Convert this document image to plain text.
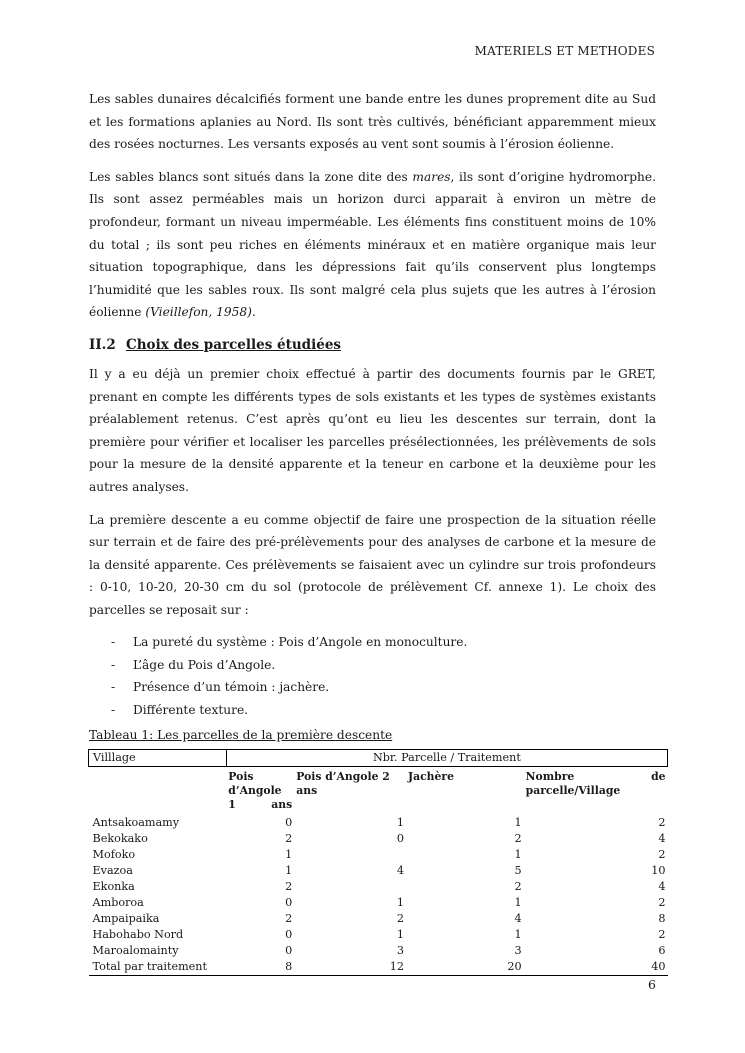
MATERIELS ET METHODES

Les sables dunaires décalcifiés forment une bande entre les dunes proprement dite au Sud et les formations aplanies au Nord. Ils sont très cultivés, bénéficiant apparemment mieux des rosées nocturnes. Les versants exposés au vent sont soumis à l’érosion éolienne.

Les sables blancs sont situés dans la zone dite des mares, ils sont d’origine hydromorphe. Ils sont assez perméables mais un horizon durci apparait à environ un mètre de profondeur, formant un niveau imperméable. Les éléments fins constituent moins de 10% du total ; ils sont peu riches en éléments minéraux et en matière organique mais leur situation topographique, dans les dépressions fait qu’ils conservent plus longtemps l’humidité que les sables roux. Ils sont malgré cela plus sujets que les autres à l’érosion éolienne (Vieillefon, 1958).

II.2 Choix des parcelles étudiées

Il y a eu déjà un premier choix effectué à partir des documents fournis par le GRET, prenant en compte les différents types de sols existants et les types de systèmes existants préalablement retenus. C’est après qu’ont eu lieu les descentes sur terrain, dont la première pour vérifier et localiser les parcelles présélectionnées, les prélèvements de sols pour la mesure de la densité apparente et la teneur en carbone et la deuxième pour les autres analyses.

La première descente a eu comme objectif de faire une prospection de la situation réelle sur terrain et de faire des pré-prélèvements pour des analyses de carbone et la mesure de la densité apparente. Ces prélèvements se faisaient avec un cylindre sur trois profondeurs : 0-10, 10-20, 20-30 cm du sol (protocole de prélèvement Cf. annexe 1). Le choix des parcelles se reposait sur :

-	La pureté du système : Pois d’Angole en monoculture.
-	L’âge du Pois d’Angole.
-	Présence d’un témoin : jachère.
-	Différente texture.
Tableau 1: Les parcelles de la première descente
Villlage	Nbr. Parcelle / Traitement			
	Pois d’Angole 1 ans	Pois d’Angole 2 ans	Jachère	Nombre de parcelle/Village
Antsakoamamy	0	1	1	2
Bekokako	2	0	2	4
Mofoko	1		1	2
Evazoa	1	4	5	10
Ekonka	2		2	4
Amboroa	0	1	1	2
Ampaipaika	2	2	4	8
Habohabo Nord	0	1	1	2
Maroalomainty	0	3	3	6
Total par traitement	8	12	20	40
6
